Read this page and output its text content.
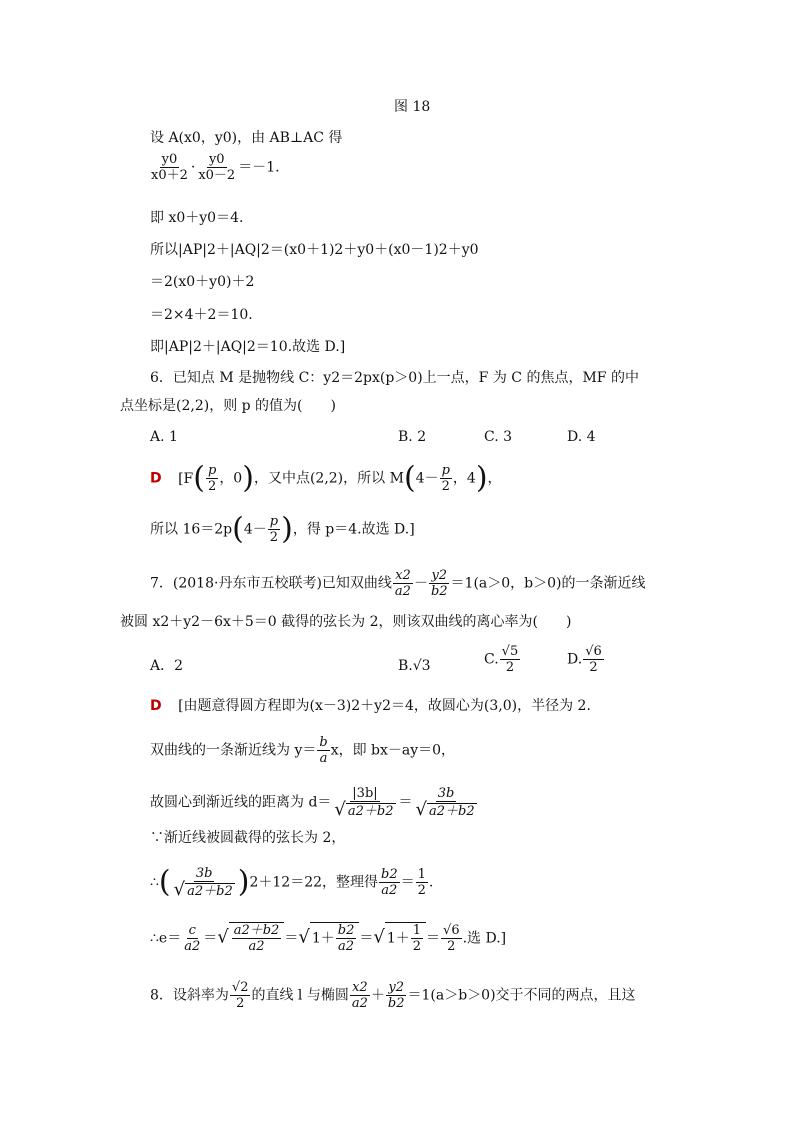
图 18
设 A(x0，y0)，由 AB⊥AC 得
$\frac{y0}{x0+2} \cdot \frac{y0}{x0-2} =-1$.
即 x0＋y0＝4.
所以|AP|2＋|AQ|2＝(x0＋1)2＋y0＋(x0－1)2＋y0
＝2(x0＋y0)＋2
＝2×4＋2＝10.
即|AP|2＋|AQ|2＝10.故选 D.]
6．已知点 M 是抛物线 C：y2＝2px(p＞0)上一点，F 为 C 的焦点，MF 的中
点坐标是(2,2)，则 p 的值为(　　)
A. 1	B. 2	C. 3	D. 4
D [$F( \frac{p}{2}$ ，0)，又中点(2,2)，所以 $M(4- \frac{p}{2}$ ，4)，
所以 $16=2p(4- \frac{p}{2}$ )，得 p＝4.故选 D.]
7．(2018·丹东市五校联考)已知双曲线 $\frac{x2}{a2} - \frac{y2}{b2} =1(a>0$，b＞0)的一条渐近线
被圆 x2＋y2－6x＋5＝0 截得的弦长为 2，则该双曲线的离心率为(　　)
A．2	B.√3	C. $\frac{√5}{2}$	D. $\frac{√6}{2}$
D [由题意得圆方程即为(x－3)2＋y2＝4，故圆心为(3,0)，半径为 2.
双曲线的一条渐近线为 $y= \frac{b}{a}$ x，即 bx－ay＝0，
故圆心到渐近线的距离为 $d= \frac{|3b|}{√ a2+b2} = \frac{3b}{√ a2+b2}$
∵渐近线被圆截得的弦长为 2，
∴( $\frac{3b}{√ a2+b2} )2+12=22$，整理得 $\frac{b2}{a2} = \frac{1}{2}$ .
∴e＝ $\frac{c}{a2}$ ＝√ $\frac{a2+b2}{a2}$ ＝√ $1+ \frac{b2}{a2}$ ＝√ $1+ \frac{1}{2} = \frac{√6}{2}$ .选 D.]
8．设斜率为 $\frac{√2}{2}$ 的直线 l 与椭圆 $\frac{x2}{a2} + \frac{y2}{b2} =1(a>b>0)$交于不同的两点，且这
